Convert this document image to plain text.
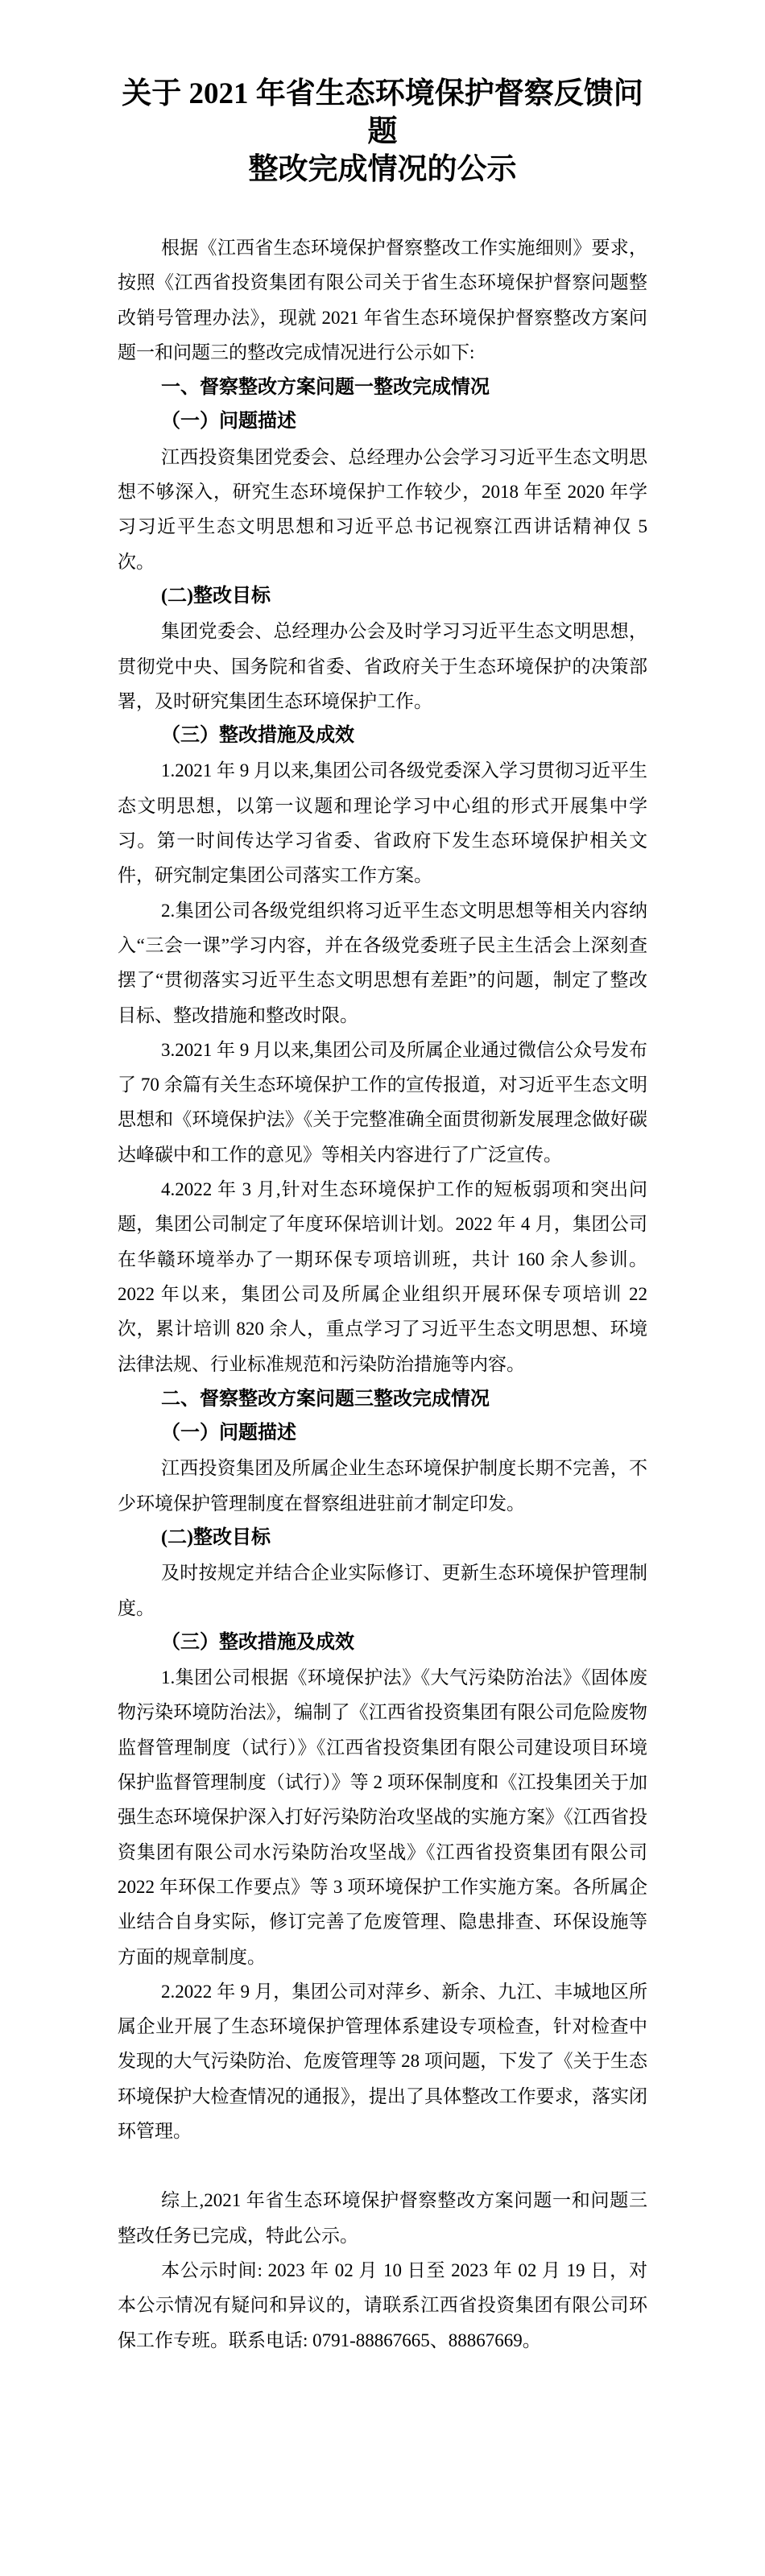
关于 2021 年省生态环境保护督察反馈问题
整改完成情况的公示

根据《江西省生态环境保护督察整改工作实施细则》要求，按照《江西省投资集团有限公司关于省生态环境保护督察问题整改销号管理办法》，现就 2021 年省生态环境保护督察整改方案问题一和问题三的整改完成情况进行公示如下:

一、督察整改方案问题一整改完成情况
（一）问题描述

江西投资集团党委会、总经理办公会学习习近平生态文明思想不够深入，研究生态环境保护工作较少，2018 年至 2020 年学习习近平生态文明思想和习近平总书记视察江西讲话精神仅 5 次。

(二)整改目标

集团党委会、总经理办公会及时学习习近平生态文明思想，贯彻党中央、国务院和省委、省政府关于生态环境保护的决策部署，及时研究集团生态环境保护工作。

（三）整改措施及成效

1.2021 年 9 月以来,集团公司各级党委深入学习贯彻习近平生态文明思想，以第一议题和理论学习中心组的形式开展集中学习。第一时间传达学习省委、省政府下发生态环境保护相关文件，研究制定集团公司落实工作方案。

2.集团公司各级党组织将习近平生态文明思想等相关内容纳入“三会一课”学习内容，并在各级党委班子民主生活会上深刻查摆了“贯彻落实习近平生态文明思想有差距”的问题，制定了整改目标、整改措施和整改时限。

3.2021 年 9 月以来,集团公司及所属企业通过微信公众号发布了 70 余篇有关生态环境保护工作的宣传报道，对习近平生态文明思想和《环境保护法》《关于完整准确全面贯彻新发展理念做好碳达峰碳中和工作的意见》等相关内容进行了广泛宣传。

4.2022 年 3 月,针对生态环境保护工作的短板弱项和突出问题，集团公司制定了年度环保培训计划。2022 年 4 月，集团公司在华赣环境举办了一期环保专项培训班，共计 160 余人参训。2022 年以来，集团公司及所属企业组织开展环保专项培训 22 次，累计培训 820 余人，重点学习了习近平生态文明思想、环境法律法规、行业标准规范和污染防治措施等内容。

二、督察整改方案问题三整改完成情况
（一）问题描述

江西投资集团及所属企业生态环境保护制度长期不完善，不少环境保护管理制度在督察组进驻前才制定印发。

(二)整改目标

及时按规定并结合企业实际修订、更新生态环境保护管理制度。

（三）整改措施及成效

1.集团公司根据《环境保护法》《大气污染防治法》《固体废物污染环境防治法》，编制了《江西省投资集团有限公司危险废物监督管理制度（试行）》《江西省投资集团有限公司建设项目环境保护监督管理制度（试行）》等 2 项环保制度和《江投集团关于加强生态环境保护深入打好污染防治攻坚战的实施方案》《江西省投资集团有限公司水污染防治攻坚战》《江西省投资集团有限公司 2022 年环保工作要点》等 3 项环境保护工作实施方案。各所属企业结合自身实际，修订完善了危废管理、隐患排查、环保设施等方面的规章制度。

2.2022 年 9 月，集团公司对萍乡、新余、九江、丰城地区所属企业开展了生态环境保护管理体系建设专项检查，针对检查中发现的大气污染防治、危废管理等 28 项问题，下发了《关于生态环境保护大检查情况的通报》，提出了具体整改工作要求，落实闭环管理。

综上,2021 年省生态环境保护督察整改方案问题一和问题三整改任务已完成，特此公示。

本公示时间: 2023 年 02 月 10 日至 2023 年 02 月 19 日，对本公示情况有疑问和异议的，请联系江西省投资集团有限公司环保工作专班。联系电话: 0791-88867665、88867669。
